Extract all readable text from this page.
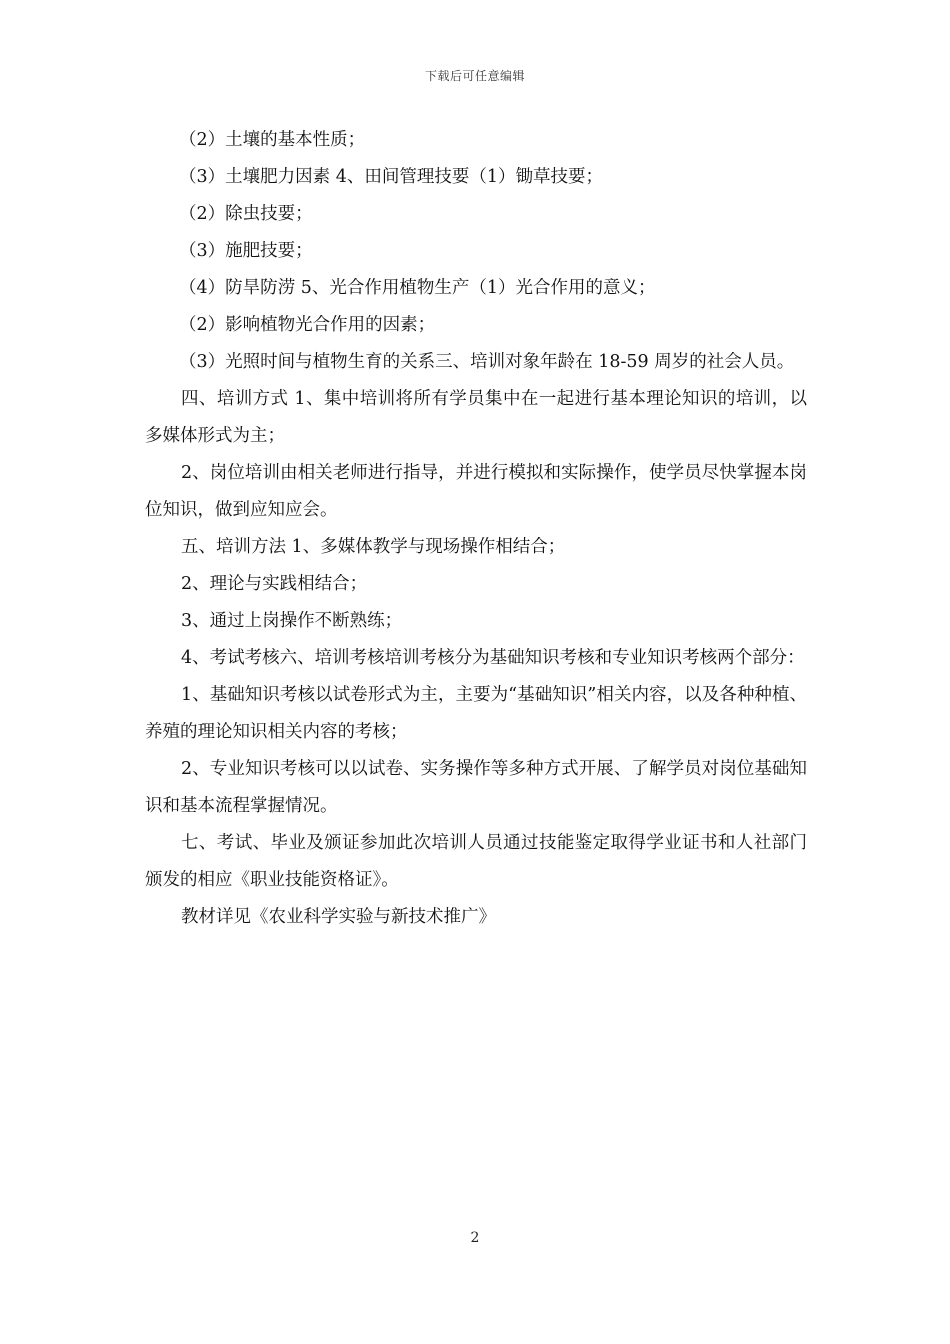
下载后可任意编辑

（2）土壤的基本性质；

（3）土壤肥力因素 4、田间管理技要（1）锄草技要；

（2）除虫技要；

（3）施肥技要；

（4）防旱防涝 5、光合作用植物生产（1）光合作用的意义；

（2）影响植物光合作用的因素；

（3）光照时间与植物生育的关系三、培训对象年龄在 18-59 周岁的社会人员。

四、培训方式 1、集中培训将所有学员集中在一起进行基本理论知识的培训，以多媒体形式为主；

2、岗位培训由相关老师进行指导，并进行模拟和实际操作，使学员尽快掌握本岗位知识，做到应知应会。

五、培训方法 1、多媒体教学与现场操作相结合；

2、理论与实践相结合；

3、通过上岗操作不断熟练；

4、考试考核六、培训考核培训考核分为基础知识考核和专业知识考核两个部分：

1、基础知识考核以试卷形式为主，主要为“基础知识”相关内容，以及各种种植、养殖的理论知识相关内容的考核；

2、专业知识考核可以以试卷、实务操作等多种方式开展、了解学员对岗位基础知识和基本流程掌握情况。

七、考试、毕业及颁证参加此次培训人员通过技能鉴定取得学业证书和人社部门颁发的相应《职业技能资格证》。

教材详见《农业科学实验与新技术推广》

2
